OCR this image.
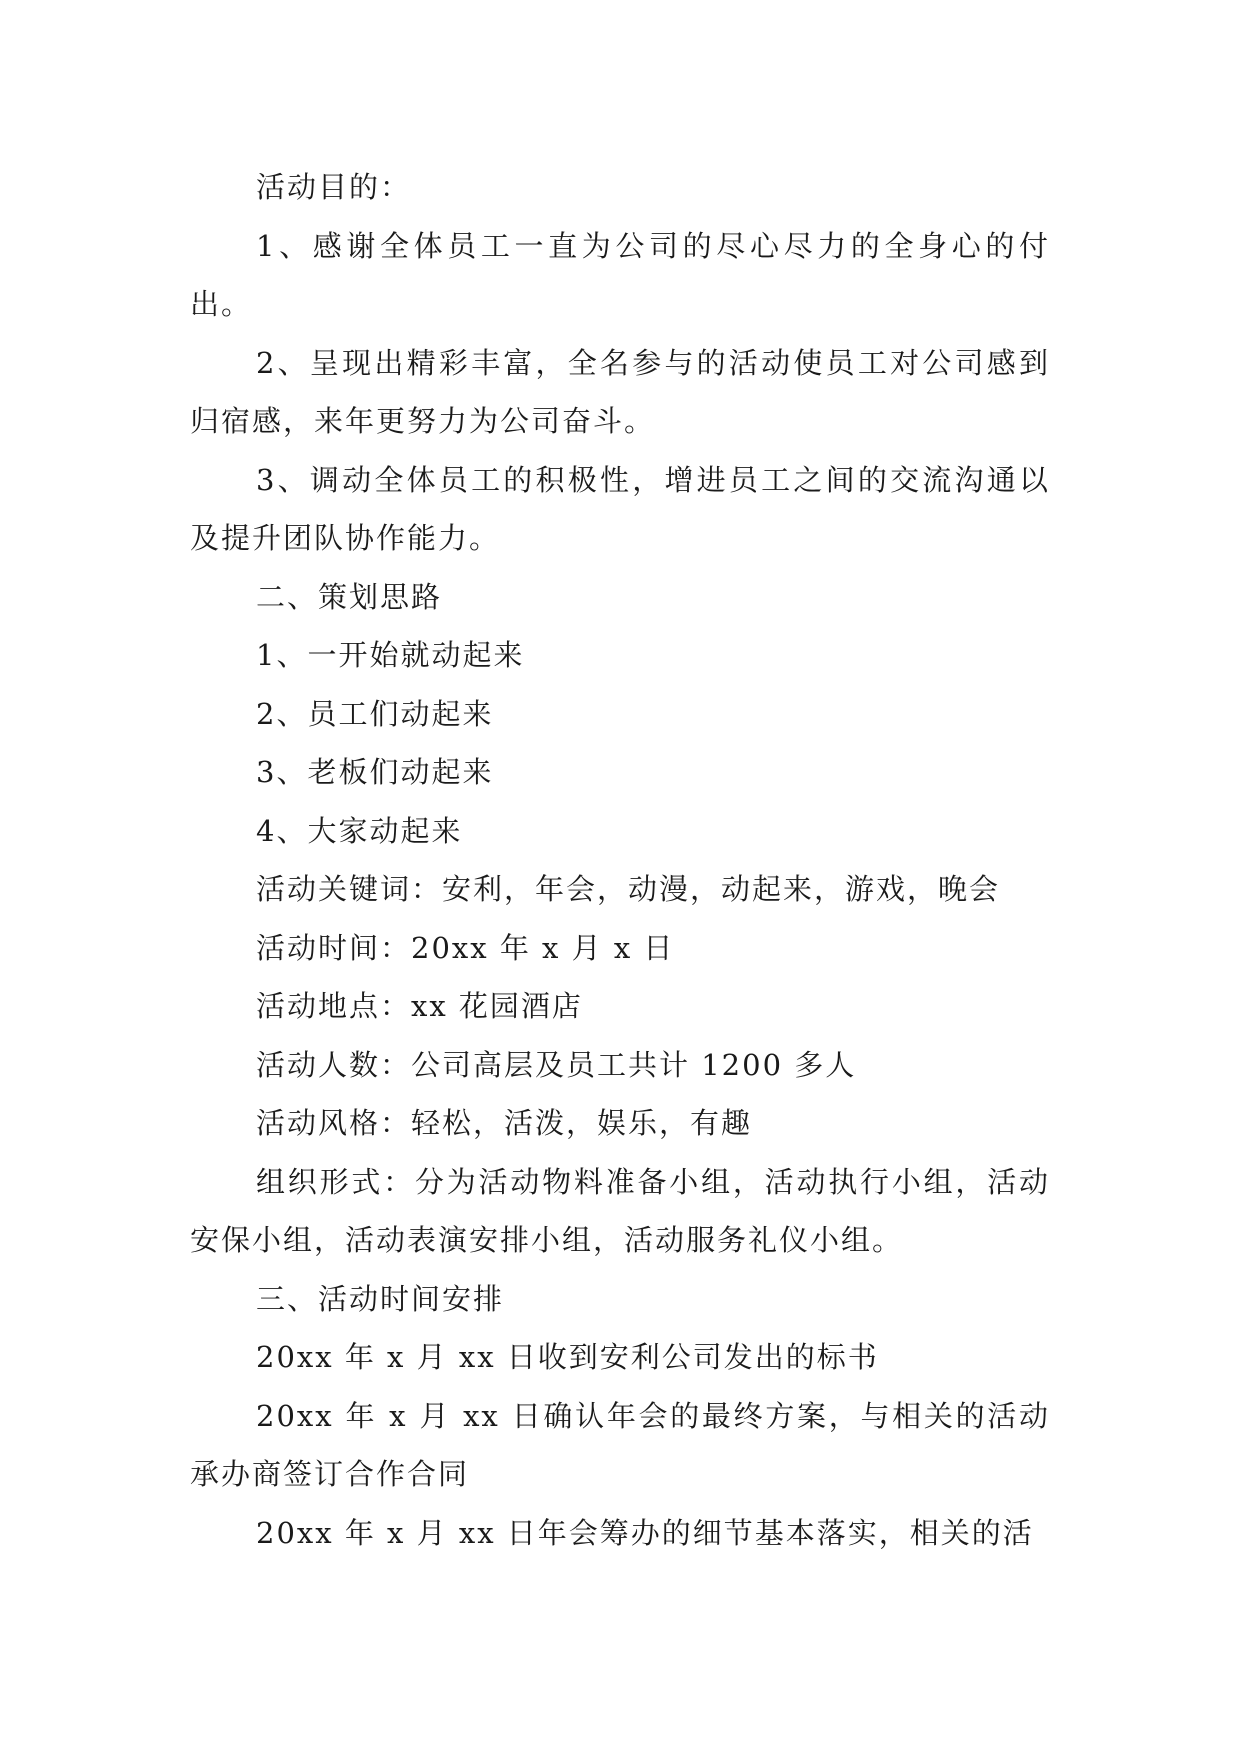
活动目的：

1、感谢全体员工一直为公司的尽心尽力的全身心的付出。

2、呈现出精彩丰富，全名参与的活动使员工对公司感到归宿感，来年更努力为公司奋斗。

3、调动全体员工的积极性，增进员工之间的交流沟通以及提升团队协作能力。

二、策划思路

1、一开始就动起来

2、员工们动起来

3、老板们动起来

4、大家动起来

活动关键词：安利，年会，动漫，动起来，游戏，晚会

活动时间：20xx 年 x 月 x 日

活动地点：xx 花园酒店

活动人数：公司高层及员工共计 1200 多人

活动风格：轻松，活泼，娱乐，有趣

组织形式：分为活动物料准备小组，活动执行小组，活动安保小组，活动表演安排小组，活动服务礼仪小组。

三、活动时间安排

20xx 年 x 月 xx 日收到安利公司发出的标书

20xx 年 x 月 xx 日确认年会的最终方案，与相关的活动承办商签订合作合同

20xx 年 x 月 xx 日年会筹办的细节基本落实，相关的活
